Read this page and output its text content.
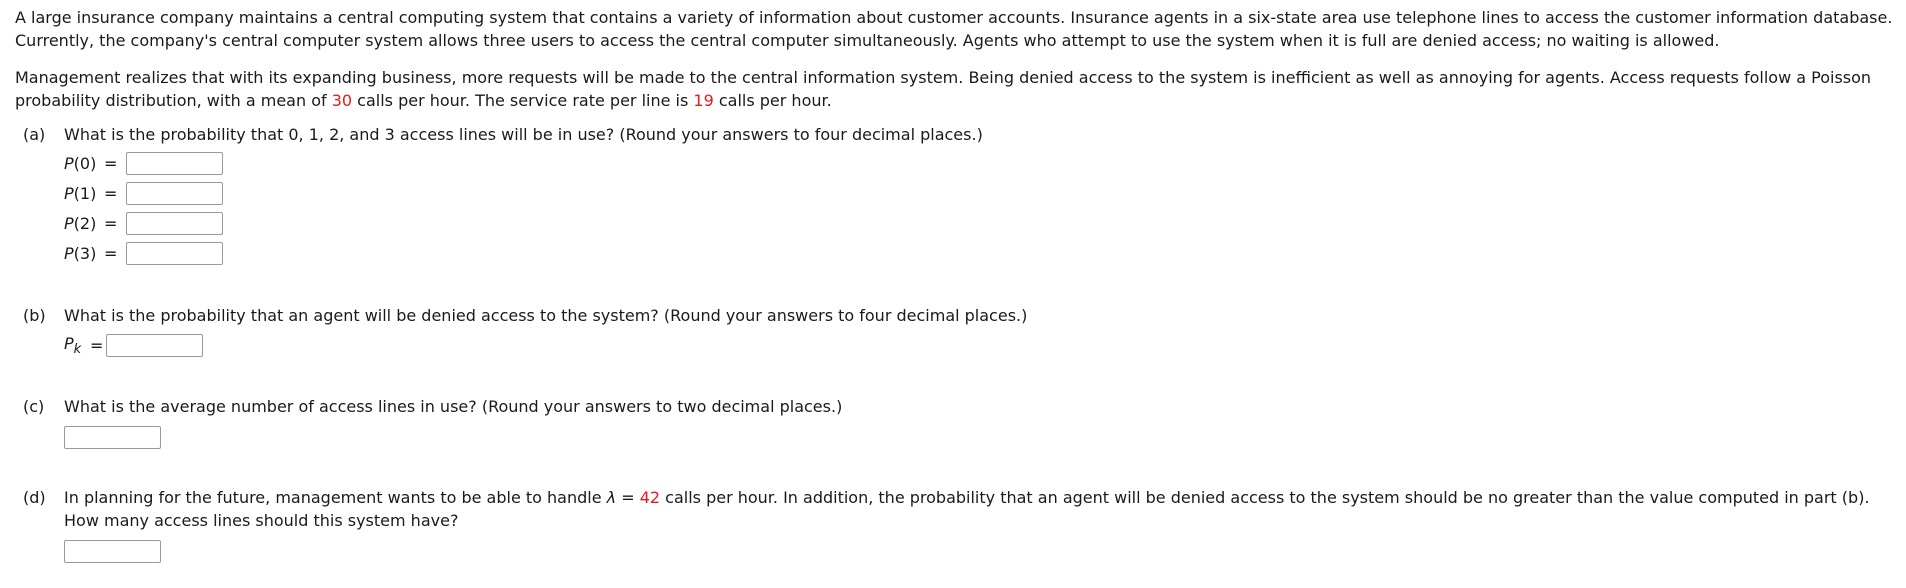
A large insurance company maintains a central computing system that contains a variety of information about customer accounts. Insurance agents in a six-state area use telephone lines to access the customer information database. Currently, the company's central computer system allows three users to access the central computer simultaneously. Agents who attempt to use the system when it is full are denied access; no waiting is allowed.

Management realizes that with its expanding business, more requests will be made to the central information system. Being denied access to the system is inefficient as well as annoying for agents. Access requests follow a Poisson probability distribution, with a mean of 30 calls per hour. The service rate per line is 19 calls per hour.

(a) What is the probability that 0, 1, 2, and 3 access lines will be in use? (Round your answers to four decimal places.)
P(0) =
P(1) =
P(2) =
P(3) =
(b) What is the probability that an agent will be denied access to the system? (Round your answers to four decimal places.)
$P_k$ =
(c) What is the average number of access lines in use? (Round your answers to two decimal places.)
(d) In planning for the future, management wants to be able to handle λ = 42 calls per hour. In addition, the probability that an agent will be denied access to the system should be no greater than the value computed in part (b). How many access lines should this system have?
